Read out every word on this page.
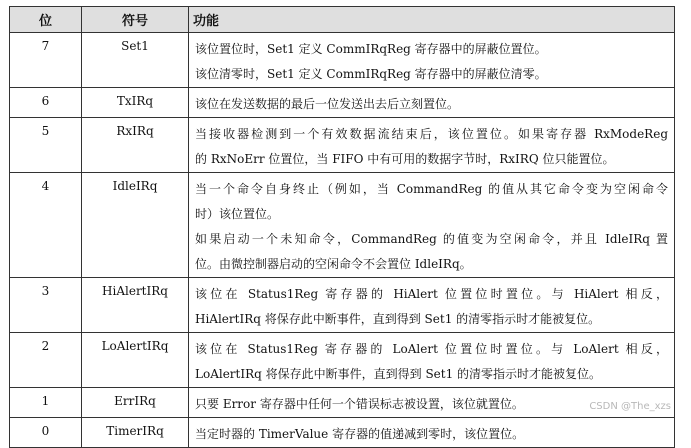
位	符号	功能
7	Set1	该位置位时，Set1 定义 CommIRqReg 寄存器中的屏蔽位置位。
该位清零时，Set1 定义 CommIRqReg 寄存器中的屏蔽位清零。

6	TxIRq	该位在发送数据的最后一位发送出去后立刻置位。

5	RxIRq	当接收器检测到一个有效数据流结束后，该位置位。如果寄存器 RxModeReg
的 RxNoErr 位置位，当 FIFO 中有可用的数据字节时，RxIRQ 位只能置位。

4	IdleIRq	当一个命令自身终止（例如，当 CommandReg 的值从其它命令变为空闲命令
时）该位置位。
如果启动一个未知命令，CommandReg 的值变为空闲命令，并且 IdleIRq 置
位。由微控制器启动的空闲命令不会置位 IdleIRq。

3	HiAlertIRq	该位在 Status1Reg 寄存器的 HiAlert 位置位时置位。与 HiAlert 相反，
HiAlertIRq 将保存此中断事件，直到得到 Set1 的清零指示时才能被复位。

2	LoAlertIRq	该位在 Status1Reg 寄存器的 LoAlert 位置位时置位。与 LoAlert 相反，
LoAlertIRq 将保存此中断事件，直到得到 Set1 的清零指示时才能被复位。

1	ErrIRq	只要 Error 寄存器中任何一个错误标志被设置，该位就置位。

0	TimerIRq	当定时器的 TimerValue 寄存器的值递减到零时，该位置位。
CSDN @The_xzs
